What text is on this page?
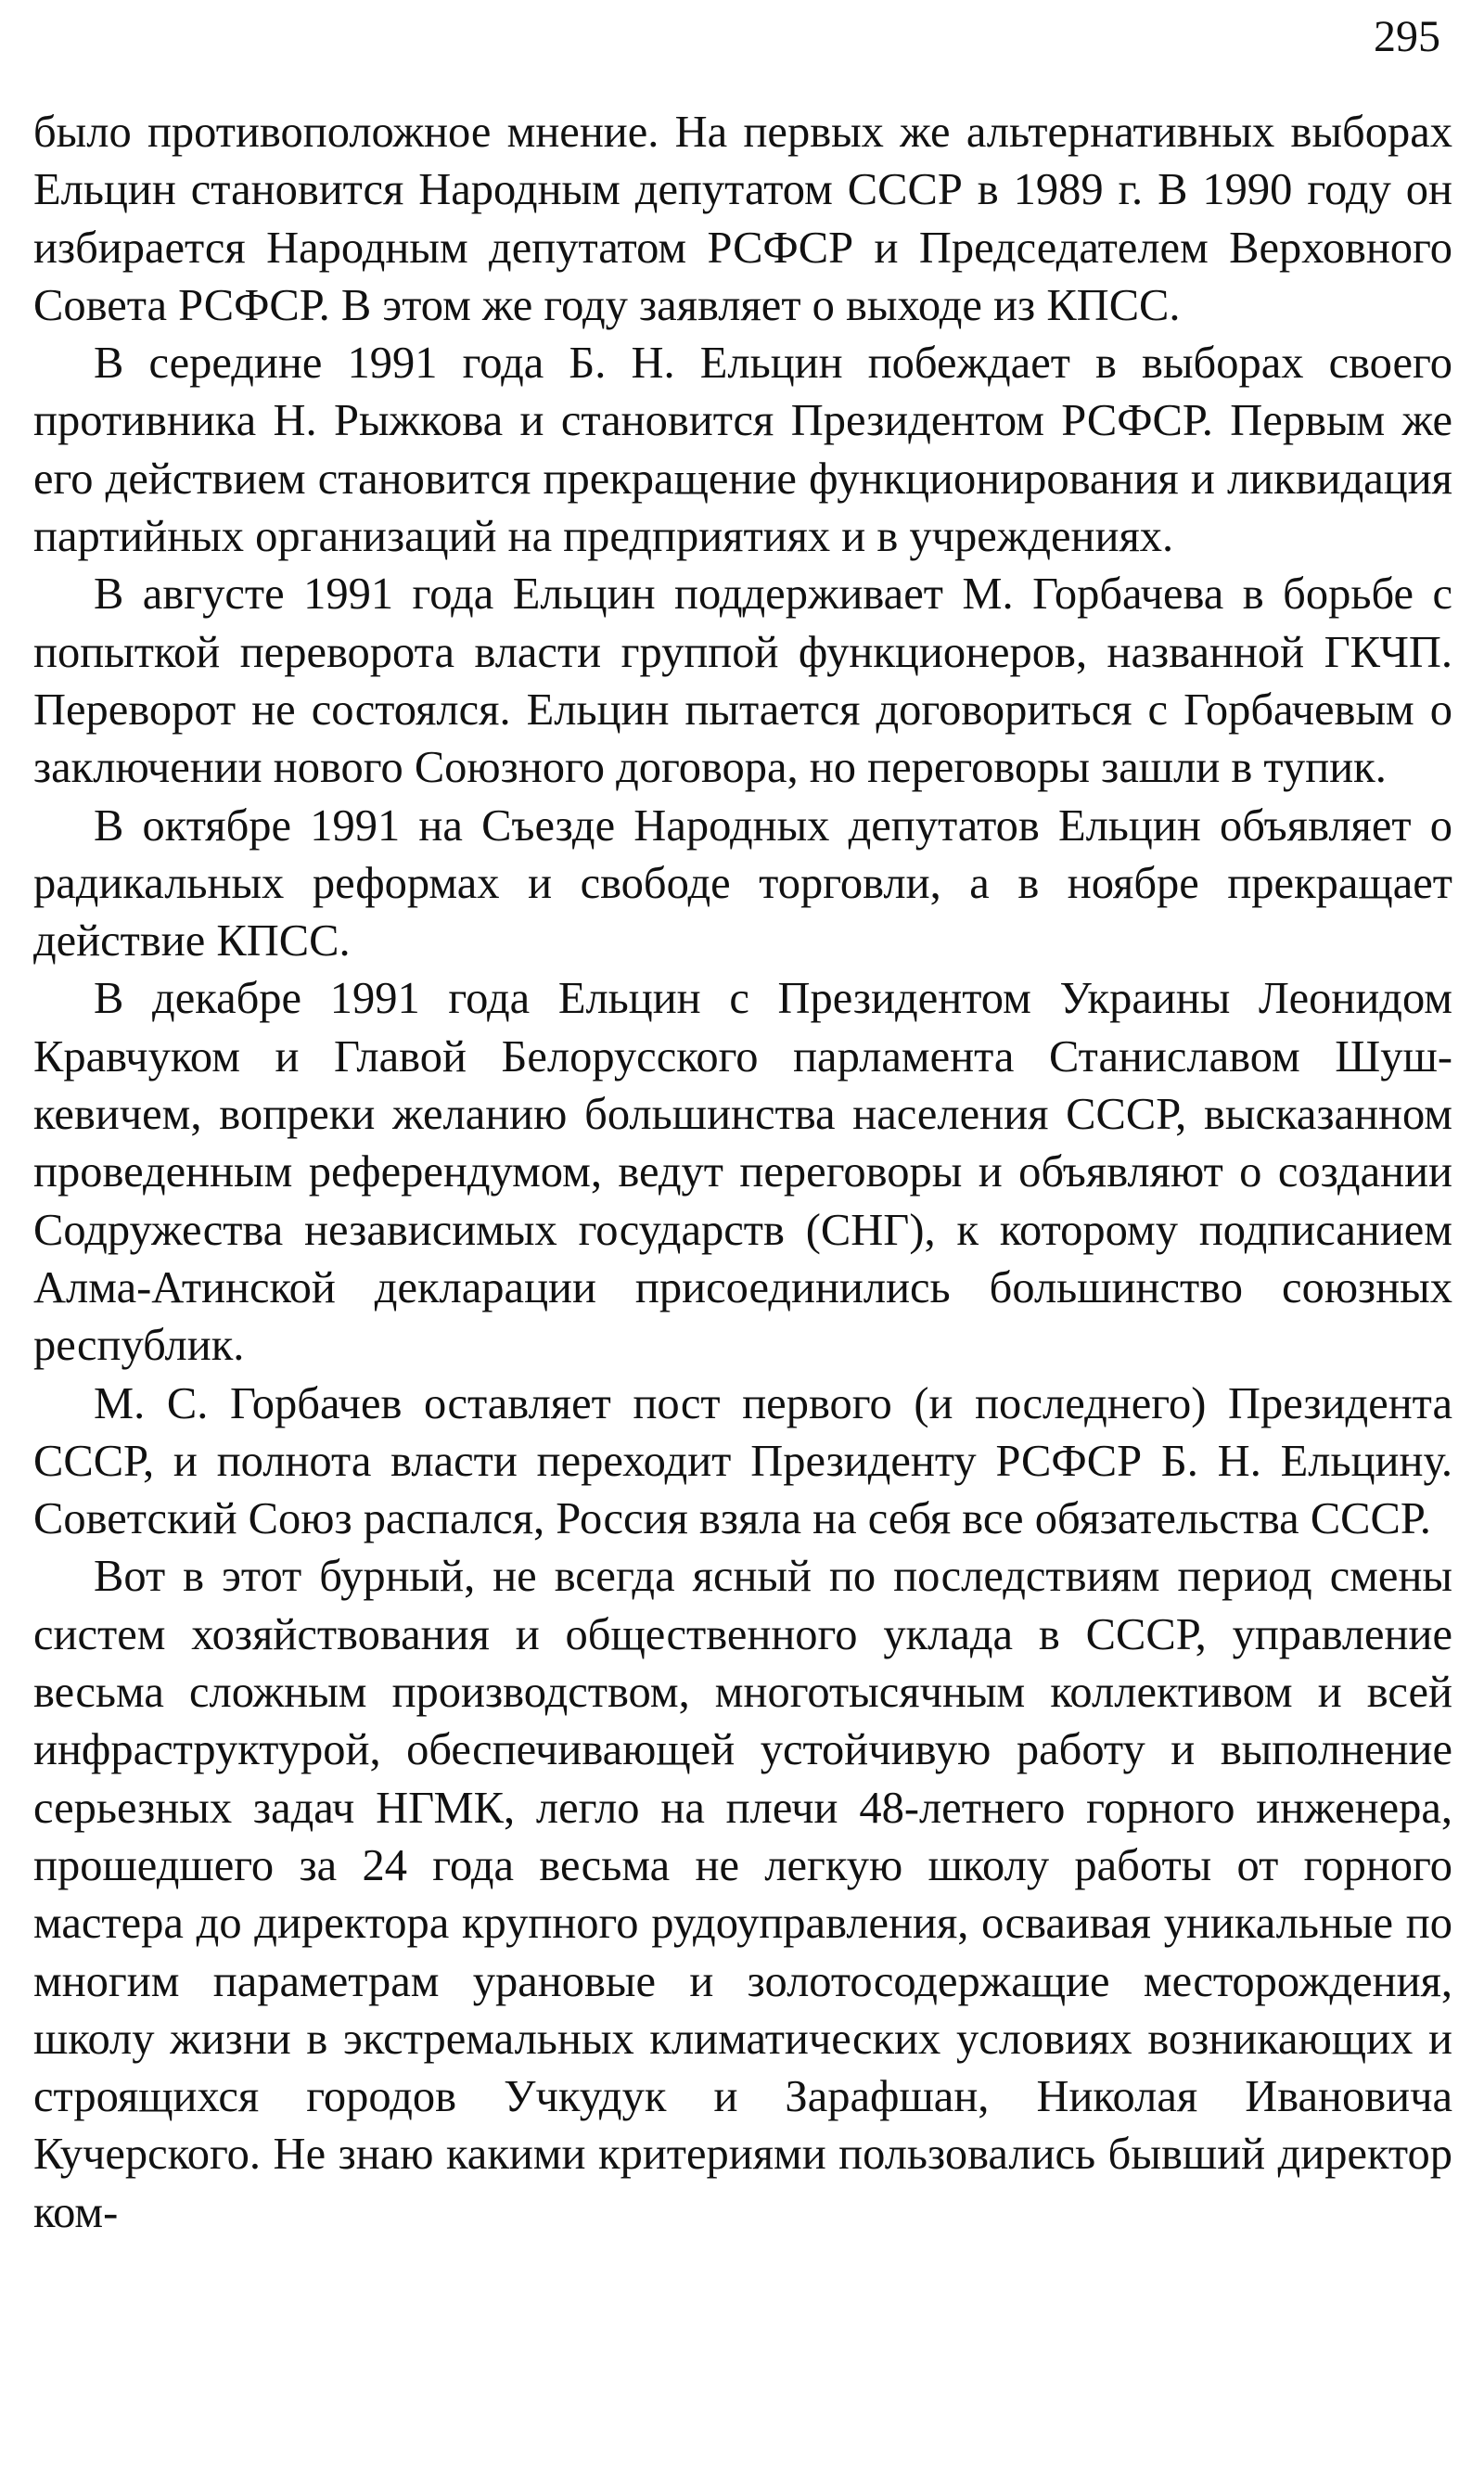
295

было противоположное мнение. На первых же альтернативных выборах Ельцин становится Народным депутатом СССР в 1989 г. В 1990 году он избирается Народным депутатом РСФСР и Председателем Верховного Совета РСФСР. В этом же году заявляет о выходе из КПСС.

В середине 1991 года Б. Н. Ельцин побеждает в выборах своего противника Н. Рыжкова и становится Президентом РСФСР. Первым же его действием становится прекращение функционирования и ликвидация партийных организаций на предприятиях и в учреждениях.

В августе 1991 года Ельцин поддерживает М. Горбачева в борьбе с попыткой переворота власти группой функционеров, названной ГКЧП. Переворот не состоялся. Ельцин пытается договориться с Горбачевым о заключении нового Союзного договора, но переговоры зашли в тупик.

В октябре 1991 на Съезде Народных депутатов Ельцин объявляет о радикальных реформах и свободе торговли, а в ноябре прекращает действие КПСС.

В декабре 1991 года Ельцин с Президентом Украины Леонидом Кравчуком и Главой Белорусского парламента Станиславом Шушкевичем, вопреки желанию большинства населения СССР, высказанном проведенным референдумом, ведут переговоры и объявляют о создании Содружества независимых государств (СНГ), к которому подписанием Алма-Атинской декларации присоединились большинство союзных республик.

М. С. Горбачев оставляет пост первого (и последнего) Президента СССР, и полнота власти переходит Президенту РСФСР Б. Н. Ельцину. Советский Союз распался, Россия взяла на себя все обязательства СССР.

Вот в этот бурный, не всегда ясный по последствиям период смены систем хозяйствования и общественного уклада в СССР, управление весьма сложным производством, многотысячным коллективом и всей инфраструктурой, обеспечивающей устойчивую работу и выполнение серьезных задач НГМК, легло на плечи 48-летнего горного инженера, прошедшего за 24 года весьма не легкую школу работы от горного мастера до директора крупного рудоуправления, осваивая уникальные по многим параметрам урановые и золотосодержащие месторождения, школу жизни в экстремальных климатических условиях возникающих и строящихся городов Учкудук и Зарафшан, Николая Ивановича Кучерского. Не знаю какими критериями пользовались бывший директор ком-
